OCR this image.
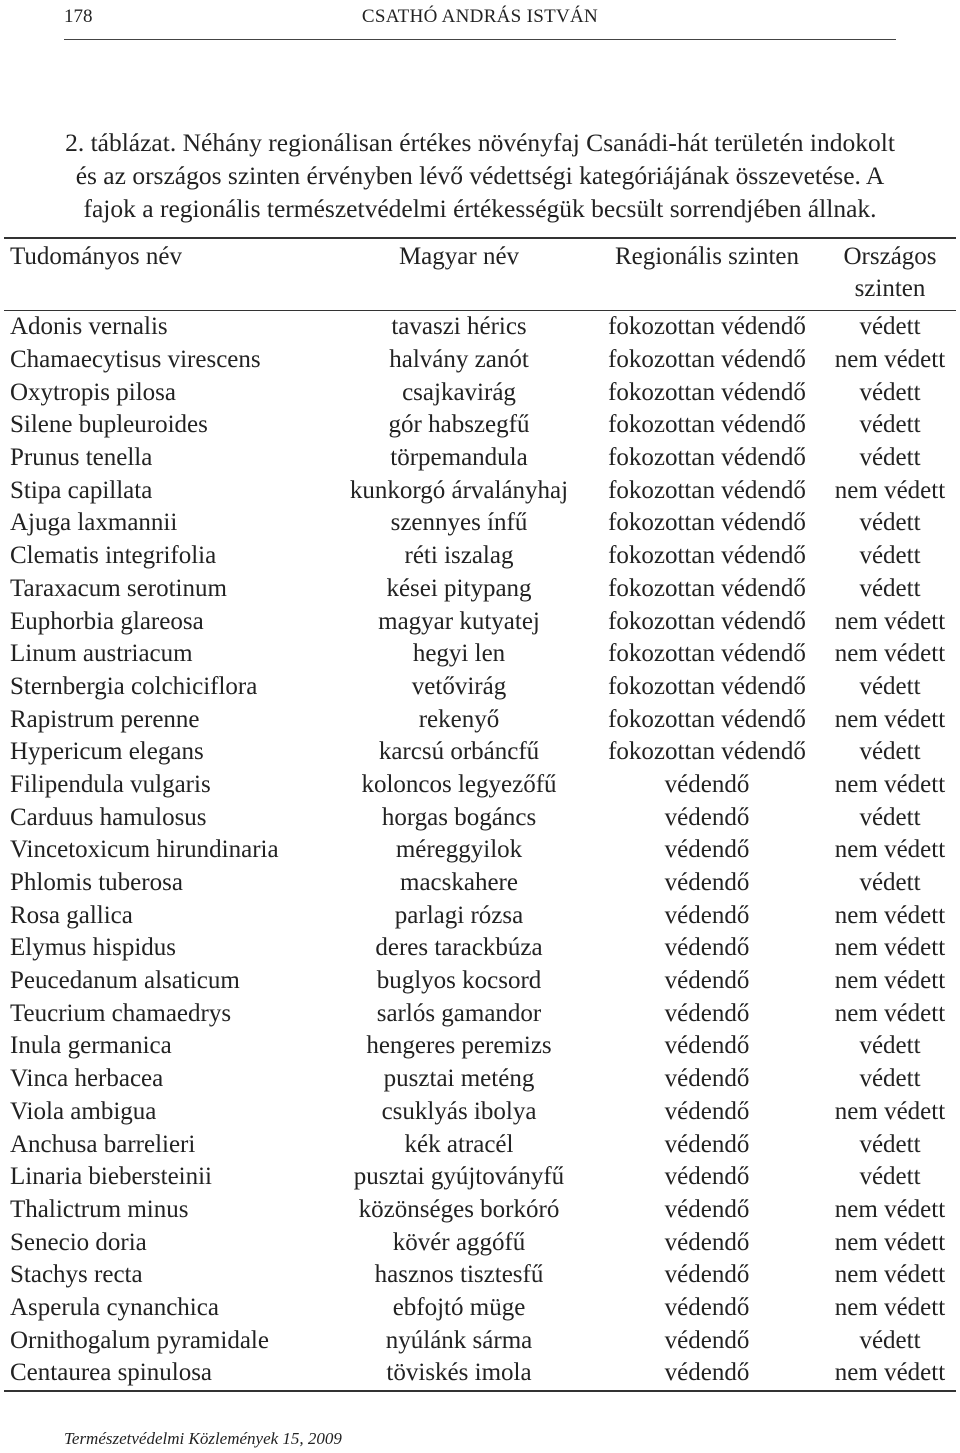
178	CSATHÓ ANDRÁS ISTVÁN

2. táblázat. Néhány regionálisan értékes növényfaj Csanádi-hát területén indokolt és az országos szinten érvényben lévő védettségi kategóriájának összevetése. A fajok a regionális természetvédelmi értékességük becsült sorrendjében állnak.

Tudományos név	Magyar név	Regionális szinten	Országos szinten
Adonis vernalis	tavaszi hérics	fokozottan védendő	védett
Chamaecytisus virescens	halvány zanót	fokozottan védendő	nem védett
Oxytropis pilosa	csajkavirág	fokozottan védendő	védett
Silene bupleuroides	gór habszegfű	fokozottan védendő	védett
Prunus tenella	törpemandula	fokozottan védendő	védett
Stipa capillata	kunkorgó árvalányhaj	fokozottan védendő	nem védett
Ajuga laxmannii	szennyes ínfű	fokozottan védendő	védett
Clematis integrifolia	réti iszalag	fokozottan védendő	védett
Taraxacum serotinum	kései pitypang	fokozottan védendő	védett
Euphorbia glareosa	magyar kutyatej	fokozottan védendő	nem védett
Linum austriacum	hegyi len	fokozottan védendő	nem védett
Sternbergia colchiciflora	vetővirág	fokozottan védendő	védett
Rapistrum perenne	rekenyő	fokozottan védendő	nem védett
Hypericum elegans	karcsú orbáncfű	fokozottan védendő	védett
Filipendula vulgaris	koloncos legyezőfű	védendő	nem védett
Carduus hamulosus	horgas bogáncs	védendő	védett
Vincetoxicum hirundinaria	méreggyilok	védendő	nem védett
Phlomis tuberosa	macskahere	védendő	védett
Rosa gallica	parlagi rózsa	védendő	nem védett
Elymus hispidus	deres tarackbúza	védendő	nem védett
Peucedanum alsaticum	buglyos kocsord	védendő	nem védett
Teucrium chamaedrys	sarlós gamandor	védendő	nem védett
Inula germanica	hengeres peremizs	védendő	védett
Vinca herbacea	pusztai meténg	védendő	védett
Viola ambigua	csuklyás ibolya	védendő	nem védett
Anchusa barrelieri	kék atracél	védendő	védett
Linaria biebersteinii	pusztai gyújtoványfű	védendő	védett
Thalictrum minus	közönséges borkóró	védendő	nem védett
Senecio doria	kövér aggófű	védendő	nem védett
Stachys recta	hasznos tisztesfű	védendő	nem védett
Asperula cynanchica	ebfojtó müge	védendő	nem védett
Ornithogalum pyramidale	nyúlánk sárma	védendő	védett
Centaurea spinulosa	töviskés imola	védendő	nem védett
Természetvédelmi Közlemények 15, 2009
